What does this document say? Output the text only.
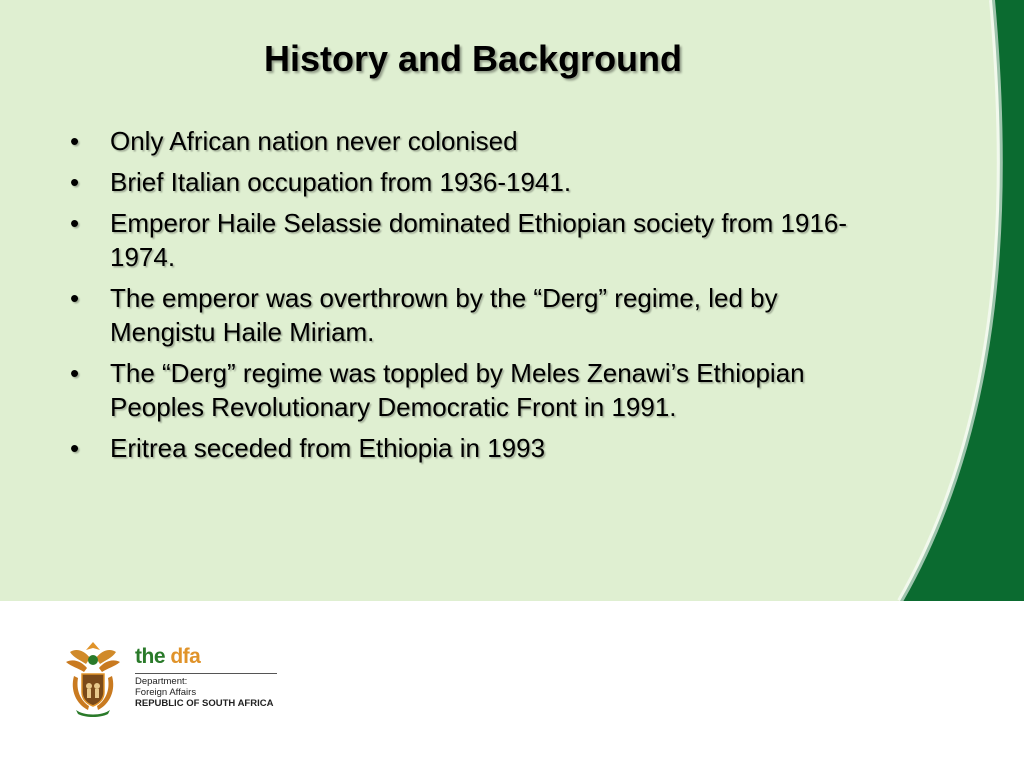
History and Background
•	Only African nation never colonised
•	Brief Italian occupation from 1936-1941.
•	Emperor Haile Selassie dominated Ethiopian society from 1916-1974.
•	The emperor was overthrown by the “Derg” regime, led by Mengistu Haile Miriam.
•	The “Derg” regime was toppled by Meles Zenawi’s Ethiopian Peoples Revolutionary Democratic Front in 1991.
•	Eritrea seceded from Ethiopia in 1993
the dfa
Department:
Foreign Affairs
REPUBLIC OF SOUTH AFRICA
